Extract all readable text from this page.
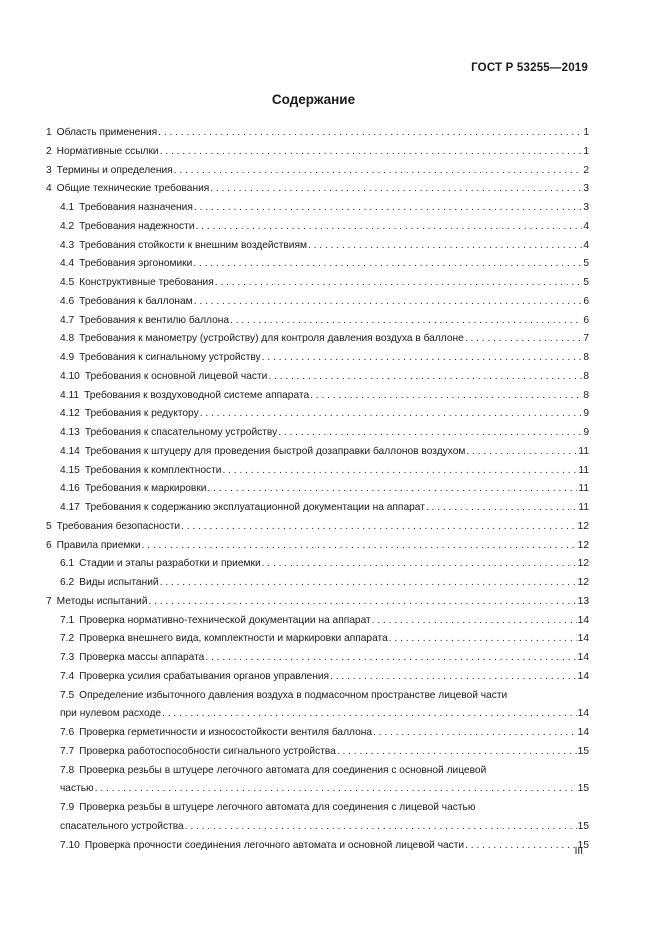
ГОСТ Р 53255—2019
Содержание
1 Область применения . . .	1
2 Нормативные ссылки . . .	1
3 Термины и определения . . .	2
4 Общие технические требования . . .	3
4.1 Требования назначения . . .	3
4.2 Требования надежности . . .	4
4.3 Требования стойкости к внешним воздействиям . . .	4
4.4 Требования эргономики . . .	5
4.5 Конструктивные требования . . .	5
4.6 Требования к баллонам . . .	6
4.7 Требования к вентилю баллона . . .	6
4.8 Требования к манометру (устройству) для контроля давления воздуха в баллоне . . .	7
4.9 Требования к сигнальному устройству . . .	8
4.10 Требования к основной лицевой части . . .	8
4.11 Требования к воздуховодной системе аппарата . . .	8
4.12 Требования к редуктору . . .	9
4.13 Требования к спасательному устройству . . .	9
4.14 Требования к штуцеру для проведения быстрой дозаправки баллонов воздухом . . .	11
4.15 Требования к комплектности . . .	11
4.16 Требования к маркировки . . .	11
4.17 Требования к содержанию эксплуатационной документации на аппарат . . .	11
5 Требования безопасности . . .	12
6 Правила приемки . . .	12
6.1 Стадии и этапы разработки и приемки . . .	12
6.2 Виды испытаний . . .	12
7 Методы испытаний . . .	13
7.1 Проверка нормативно-технической документации на аппарат . . .	14
7.2 Проверка внешнего вида, комплектности и маркировки аппарата . . .	14
7.3 Проверка массы аппарата . . .	14
7.4 Проверка усилия срабатывания органов управления . . .	14
7.5 Определение избыточного давления воздуха в подмасочном пространстве лицевой части
при нулевом расходе . . .	14
7.6 Проверка герметичности и износостойкости вентиля баллона . . .	14
7.7 Проверка работоспособности сигнального устройства . . .	15
7.8 Проверка резьбы в штуцере легочного автомата для соединения с основной лицевой
частью . . .	15
7.9 Проверка резьбы в штуцере легочного автомата для соединения с лицевой частью
спасательного устройства . . .	15
7.10 Проверка прочности соединения легочного автомата и основной лицевой части . . .	15
III
